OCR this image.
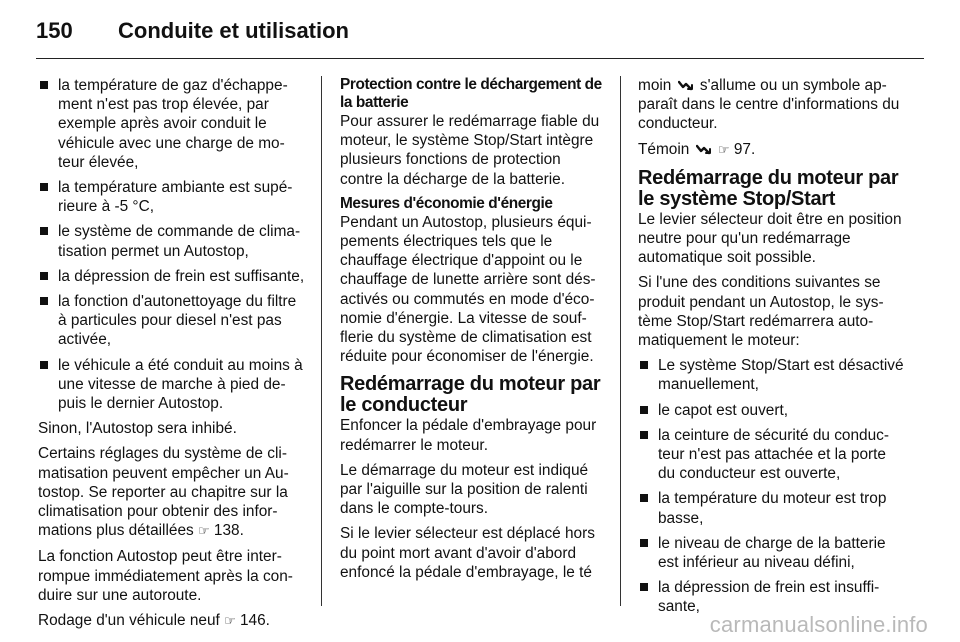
150	Conduite et utilisation
la température de gaz d'échappement n'est pas trop élevée, par exemple après avoir conduit le véhicule avec une charge de moteur élevée,
la température ambiante est supérieure à -5 °C,
le système de commande de climatisation permet un Autostop,
la dépression de frein est suffisante,
la fonction d'autonettoyage du filtre à particules pour diesel n'est pas activée,
le véhicule a été conduit au moins à une vitesse de marche à pied depuis le dernier Autostop.

Sinon, l'Autostop sera inhibé.

Certains réglages du système de climatisation peuvent empêcher un Autostop. Se reporter au chapitre sur la climatisation pour obtenir des informations plus détaillées ☞ 138.

La fonction Autostop peut être interrompue immédiatement après la conduire sur une autoroute.

Rodage d'un véhicule neuf ☞ 146.

Protection contre le déchargement de la batterie

Pour assurer le redémarrage fiable du moteur, le système Stop/Start intègre plusieurs fonctions de protection contre la décharge de la batterie.

Mesures d'économie d'énergie

Pendant un Autostop, plusieurs équipements électriques tels que le chauffage électrique d'appoint ou le chauffage de lunette arrière sont désactivés ou commutés en mode d'économie d'énergie. La vitesse de soufflerie du système de climatisation est réduite pour économiser de l'énergie.

Redémarrage du moteur par le conducteur

Enfoncer la pédale d'embrayage pour redémarrer le moteur.

Le démarrage du moteur est indiqué par l'aiguille sur la position de ralenti dans le compte-tours.

Si le levier sélecteur est déplacé hors du point mort avant d'avoir d'abord enfoncé la pédale d'embrayage, le té

moin s'allume ou un symbole apparaît dans le centre d'informations du conducteur.

Témoin ☞ 97.

Redémarrage du moteur par le système Stop/Start

Le levier sélecteur doit être en position neutre pour qu'un redémarrage automatique soit possible.

Si l'une des conditions suivantes se produit pendant un Autostop, le système Stop/Start redémarrera automatiquement le moteur:

Le système Stop/Start est désactivé manuellement,
le capot est ouvert,
la ceinture de sécurité du conducteur n'est pas attachée et la porte du conducteur est ouverte,
la température du moteur est trop basse,
le niveau de charge de la batterie est inférieur au niveau défini,
la dépression de frein est insuffisante,
carmanualsonline.info
